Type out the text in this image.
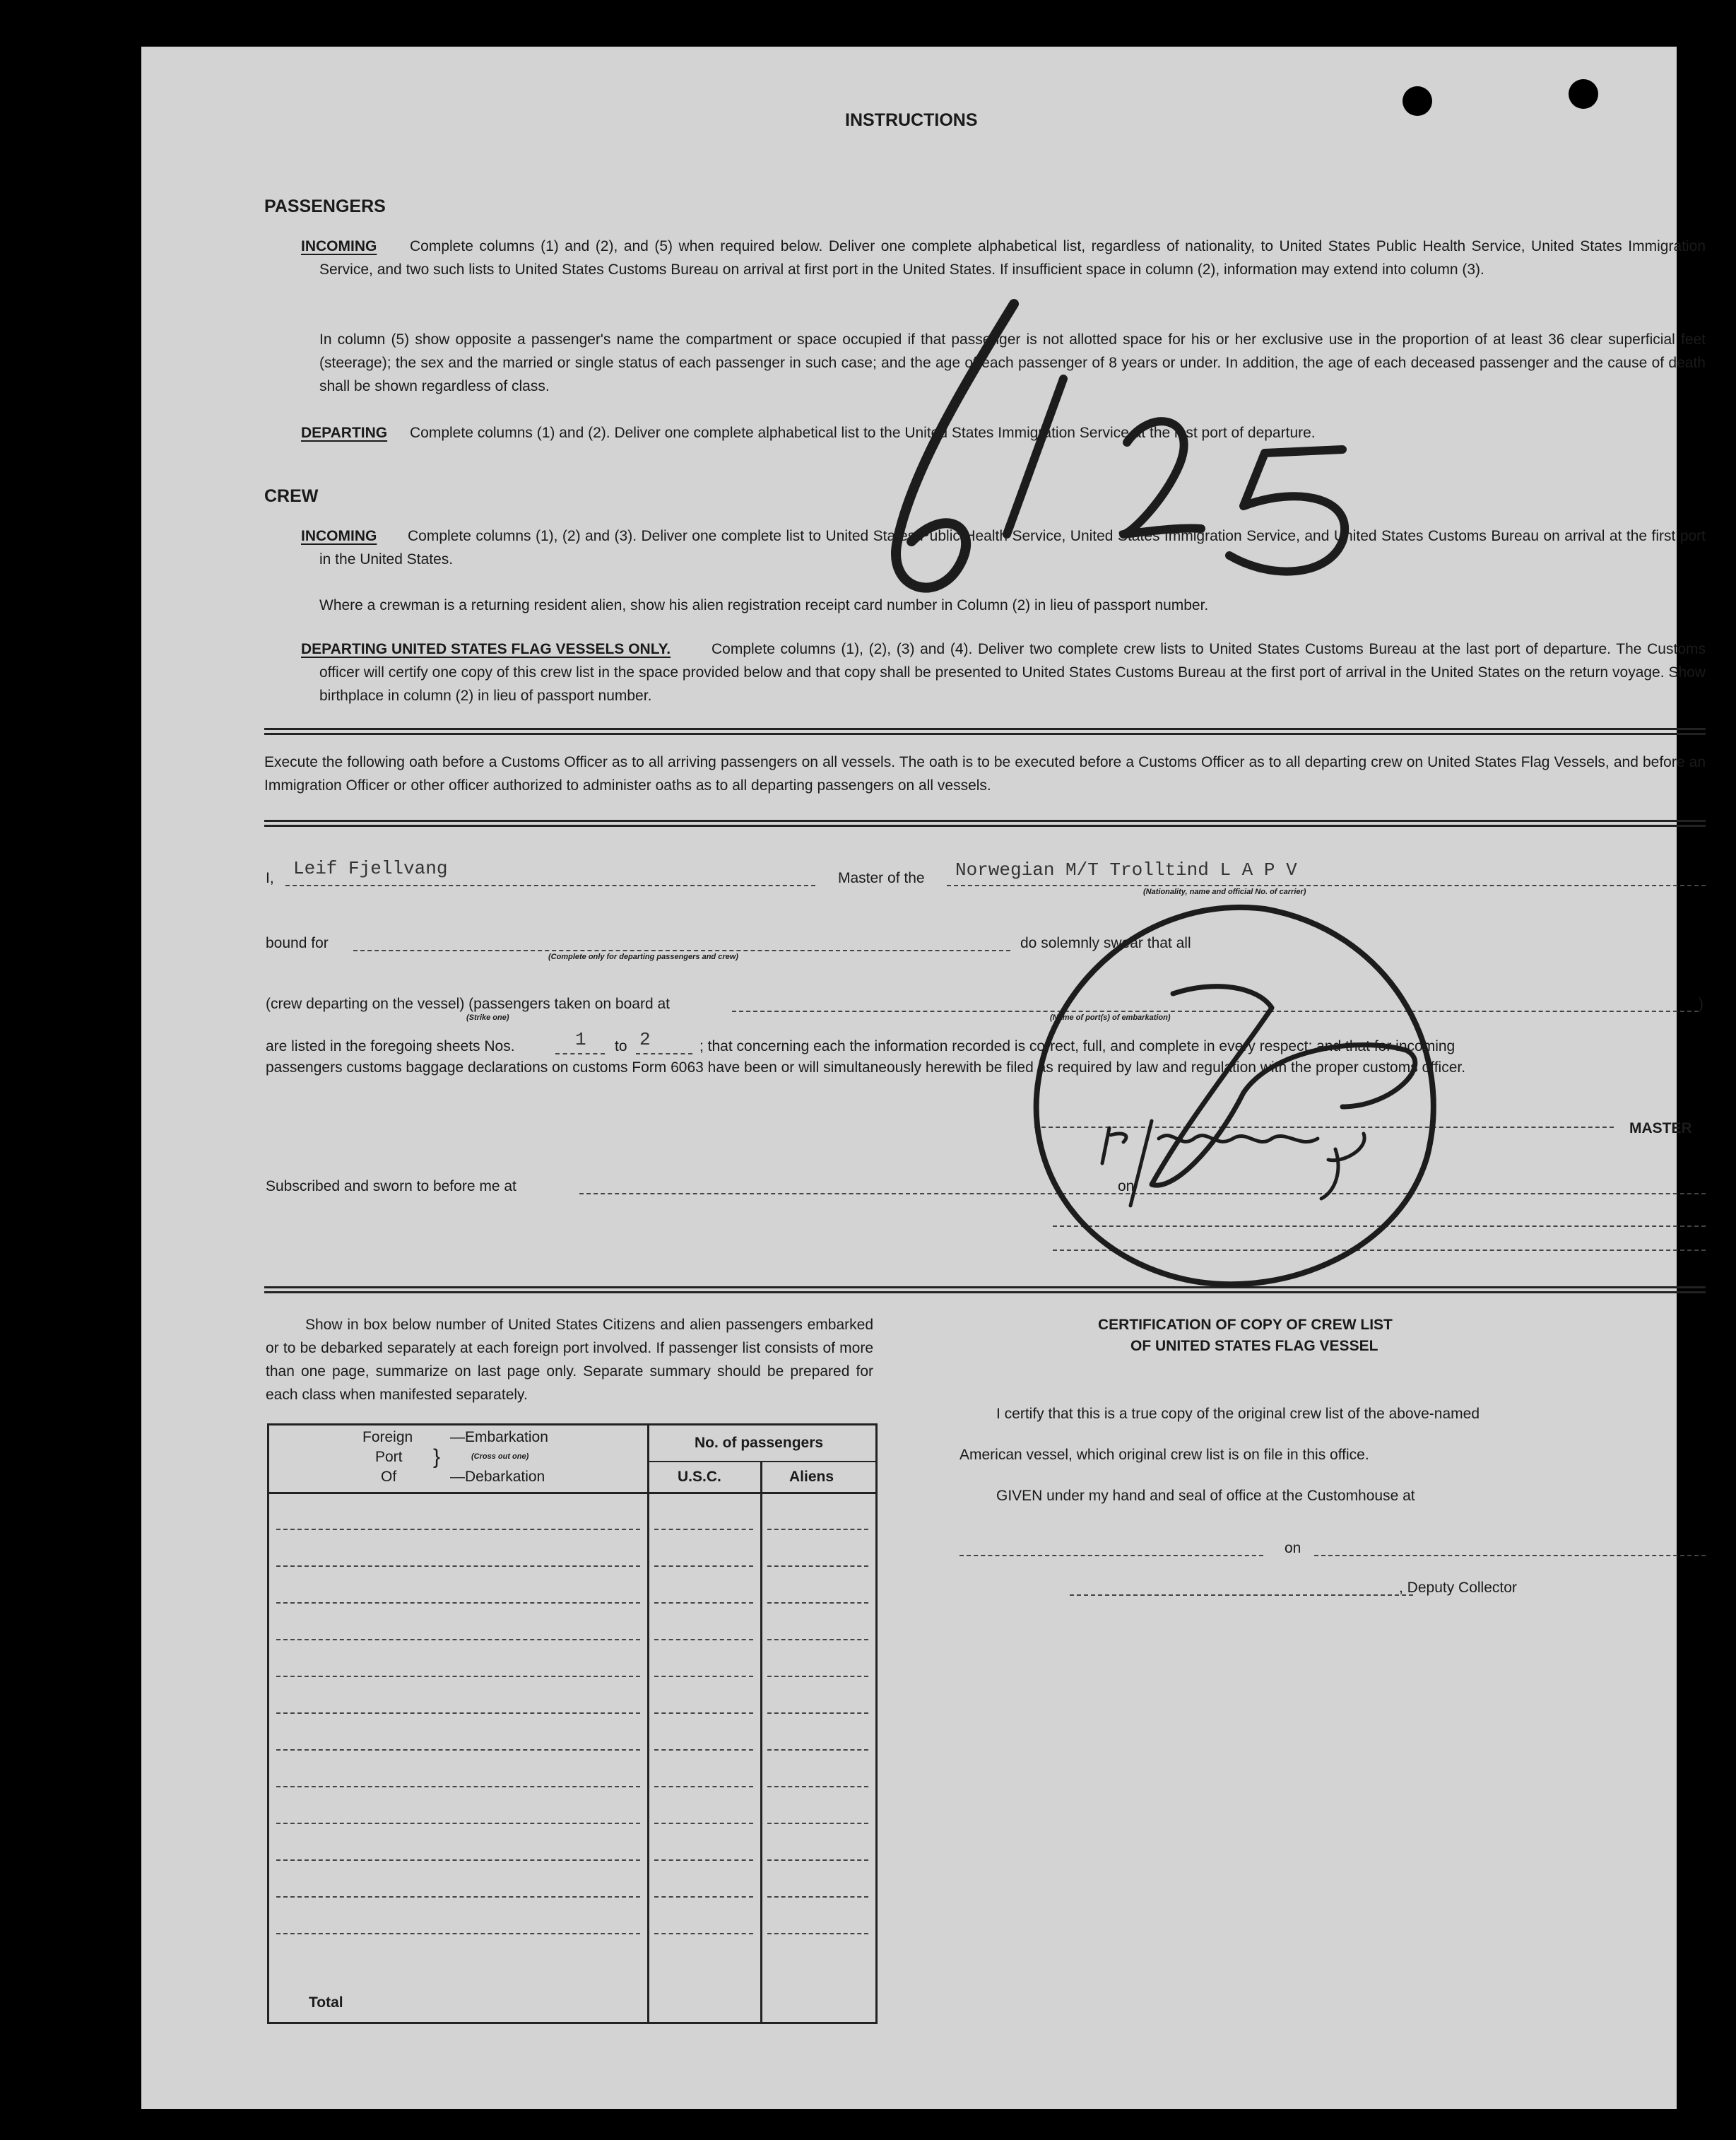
INSTRUCTIONS
PASSENGERS
INCOMING	Complete columns (1) and (2), and (5) when required below. Deliver one complete alphabetical list, regardless of nationality, to United States Public Health Service, United States Immigration Service, and two such lists to United States Customs Bureau on arrival at first port in the United States. If insufficient space in column (2), information may extend into column (3).
In column (5) show opposite a passenger's name the compartment or space occupied if that passenger is not allotted space for his or her exclusive use in the proportion of at least 36 clear superficial feet (steerage); the sex and the married or single status of each passenger in such case; and the age of each passenger of 8 years or under. In addition, the age of each deceased passenger and the cause of death shall be shown regardless of class.
DEPARTING Complete columns (1) and (2). Deliver one complete alphabetical list to the United States Immigration Service at the last port of departure.
CREW
INCOMING	Complete columns (1), (2) and (3). Deliver one complete list to United States Public Health Service, United States Immigration Service, and United States Customs Bureau on arrival at the first port in the United States.
Where a crewman is a returning resident alien, show his alien registration receipt card number in Column (2) in lieu of passport number.
DEPARTING UNITED STATES FLAG VESSELS ONLY.	Complete columns (1), (2), (3) and (4). Deliver two complete crew lists to United States Customs Bureau at the last port of departure. The Customs officer will certify one copy of this crew list in the space provided below and that copy shall be presented to United States Customs Bureau at the first port of arrival in the United States on the return voyage. Show birthplace in column (2) in lieu of passport number.
Execute the following oath before a Customs Officer as to all arriving passengers on all vessels. The oath is to be executed before a Customs Officer as to all departing crew on United States Flag Vessels, and before an Immigration Officer or other officer authorized to administer oaths as to all departing passengers on all vessels.
I, Leif Fjellvang	Master of the Norwegian M/T Trolltind L A P V
(Nationality, name and official No. of carrier)
bound for
(Complete only for departing passengers and crew)
do solemnly swear that all
(crew departing on the vessel) (passengers taken on board at	)
(Strike one)	(Name of port(s) of embarkation)
are listed in the foregoing sheets Nos.	1 to 2	; that concerning each the information recorded is correct, full, and complete in every respect; and that for incoming
passengers customs baggage declarations on customs Form 6063 have been or will simultaneously herewith be filed as required by law and regulation with the proper customs officer.
MASTER
Subscribed and sworn to before me at	on
Show in box below number of United States Citizens and alien passengers embarked or to be debarked separately at each foreign port involved. If passenger list consists of more than one page, summarize on last page only. Separate summary should be prepared for each class when manifested separately.
Foreign
Port
Of
}
—Embarkation
(Cross out one)
—Debarkation
No. of passengers
U.S.C.	Aliens
Total
CERTIFICATION OF COPY OF CREW LIST
OF UNITED STATES FLAG VESSEL
I certify that this is a true copy of the original crew list of the above-named
American vessel, which original crew list is on file in this office.
GIVEN under my hand and seal of office at the Customhouse at
on
, Deputy Collector
